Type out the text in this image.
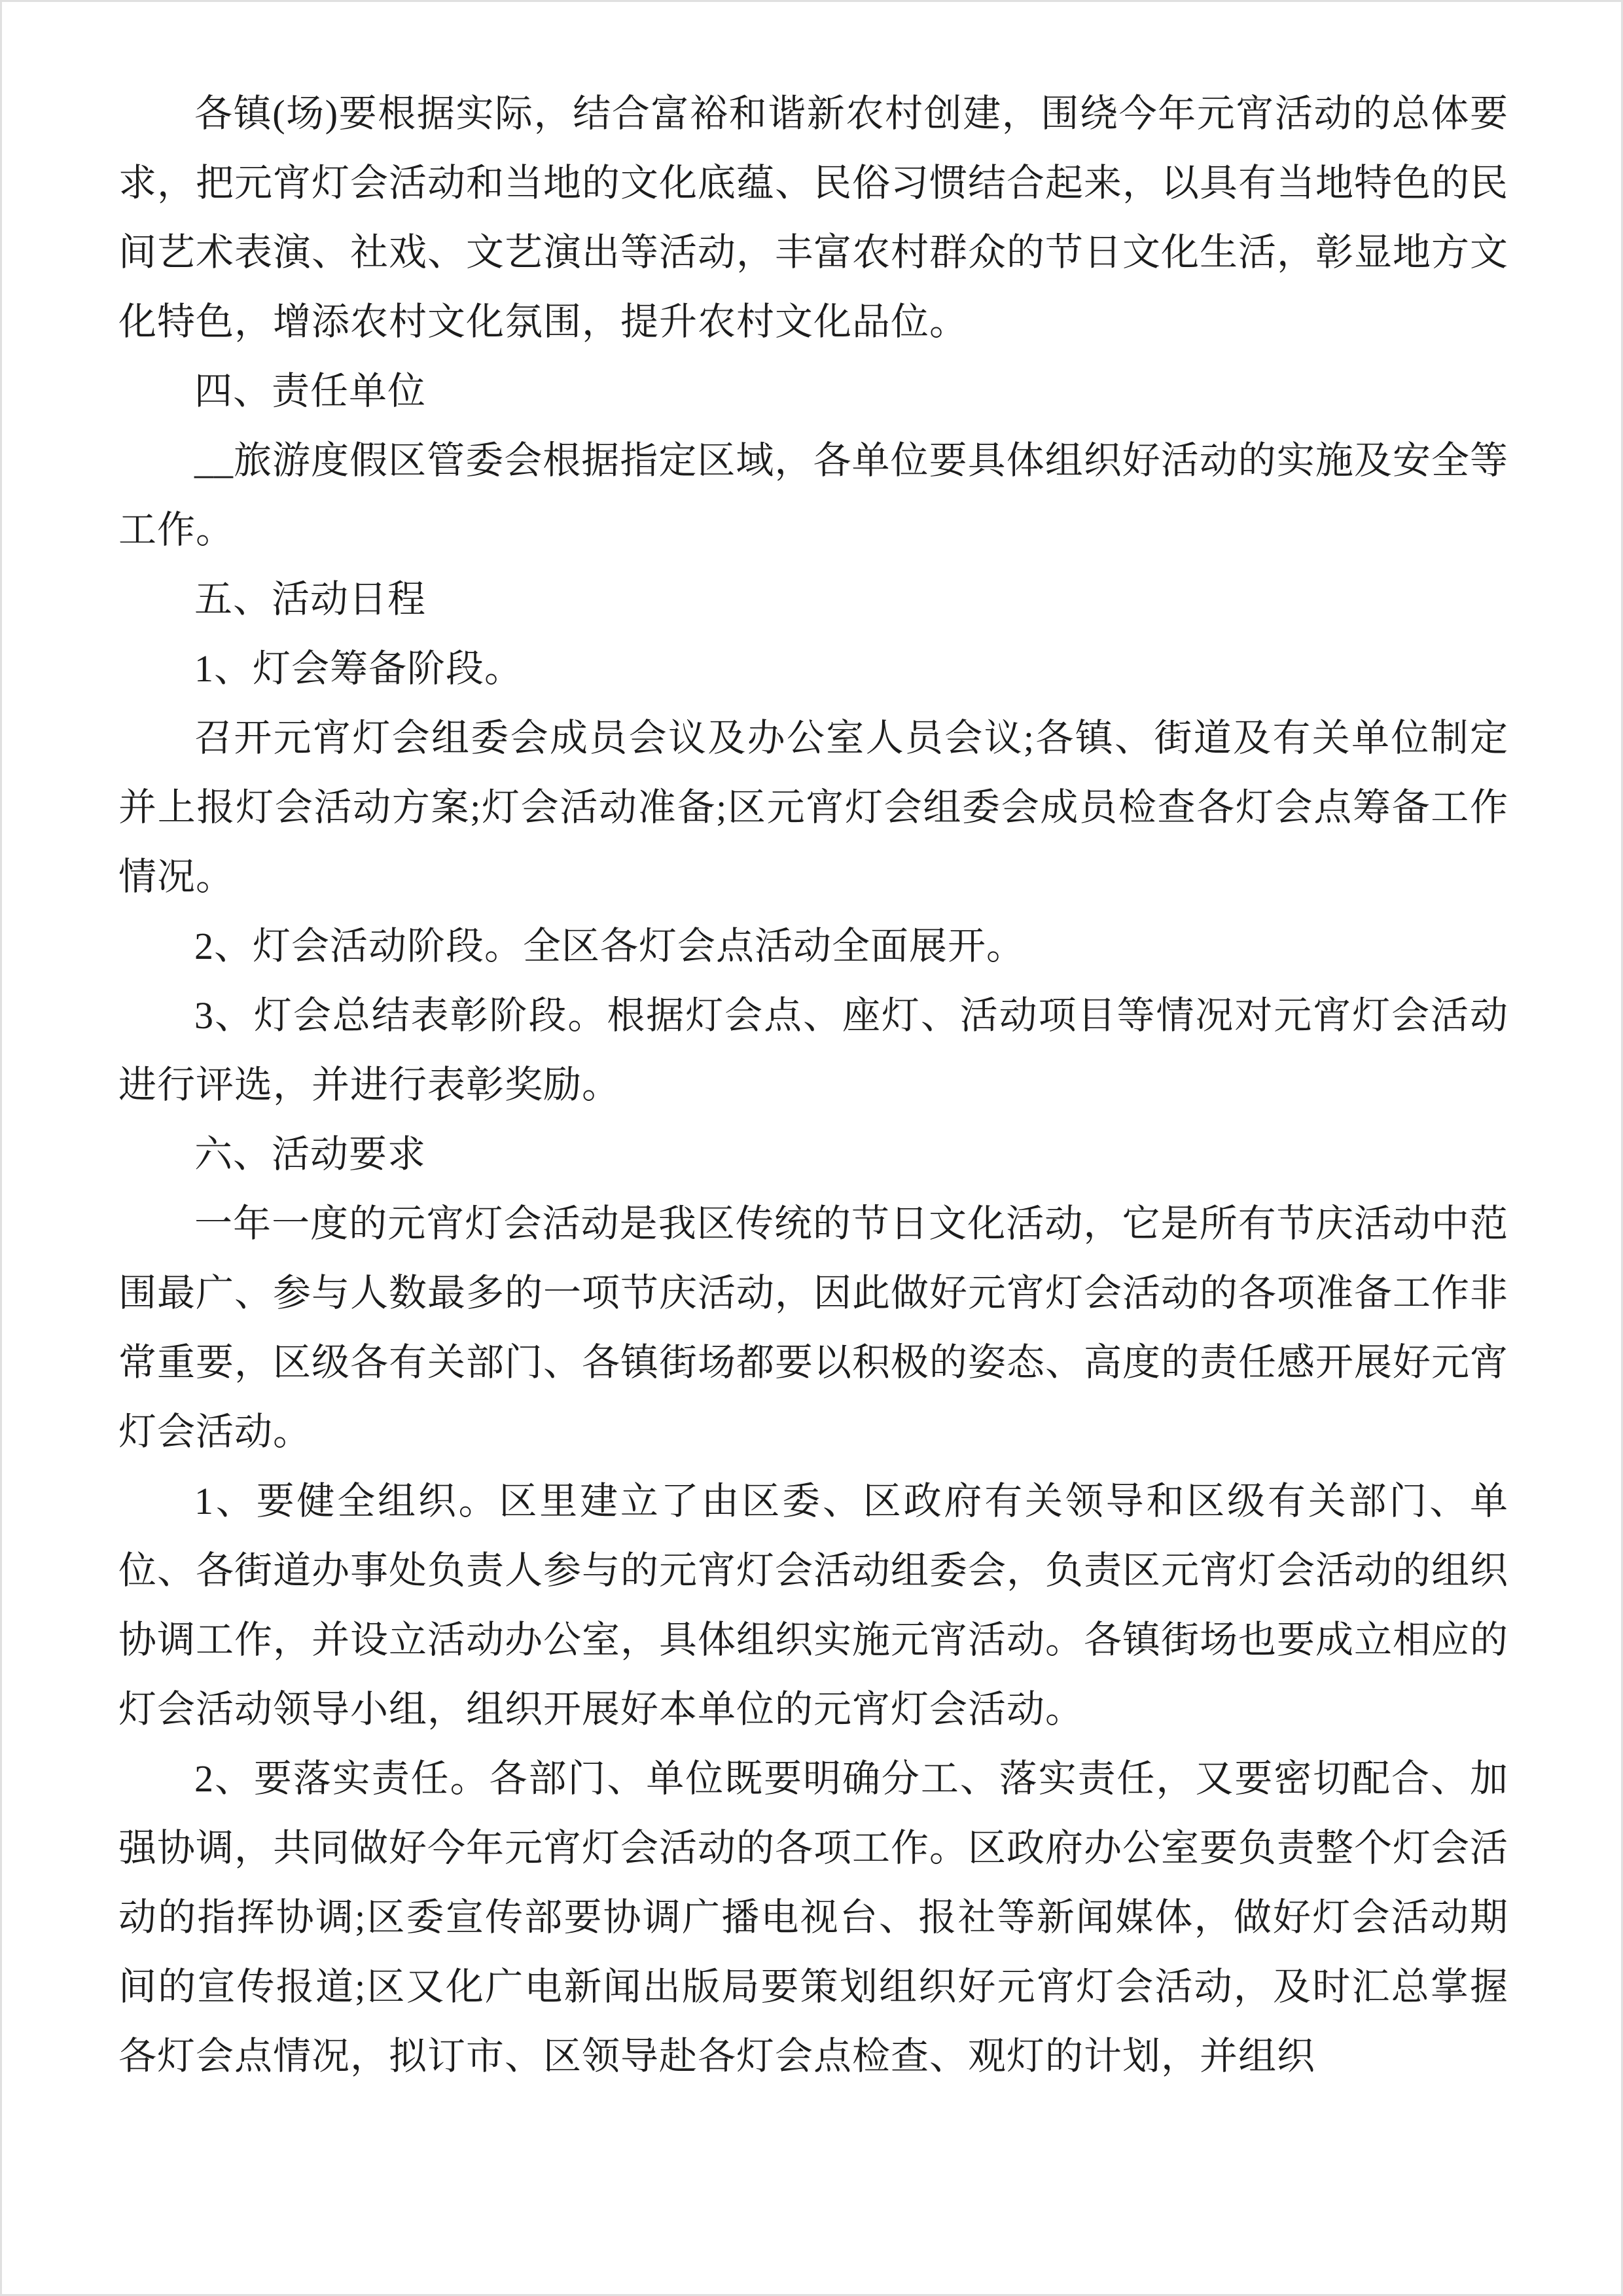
各镇(场)要根据实际，结合富裕和谐新农村创建，围绕今年元宵活动的总体要求，把元宵灯会活动和当地的文化底蕴、民俗习惯结合起来，以具有当地特色的民间艺术表演、社戏、文艺演出等活动，丰富农村群众的节日文化生活，彰显地方文化特色，增添农村文化氛围，提升农村文化品位。

四、责任单位

__旅游度假区管委会根据指定区域，各单位要具体组织好活动的实施及安全等工作。

五、活动日程

1、灯会筹备阶段。

召开元宵灯会组委会成员会议及办公室人员会议;各镇、街道及有关单位制定并上报灯会活动方案;灯会活动准备;区元宵灯会组委会成员检查各灯会点筹备工作情况。

2、灯会活动阶段。全区各灯会点活动全面展开。

3、灯会总结表彰阶段。根据灯会点、座灯、活动项目等情况对元宵灯会活动进行评选，并进行表彰奖励。

六、活动要求

一年一度的元宵灯会活动是我区传统的节日文化活动，它是所有节庆活动中范围最广、参与人数最多的一项节庆活动，因此做好元宵灯会活动的各项准备工作非常重要，区级各有关部门、各镇街场都要以积极的姿态、高度的责任感开展好元宵灯会活动。

1、要健全组织。区里建立了由区委、区政府有关领导和区级有关部门、单位、各街道办事处负责人参与的元宵灯会活动组委会，负责区元宵灯会活动的组织协调工作，并设立活动办公室，具体组织实施元宵活动。各镇街场也要成立相应的灯会活动领导小组，组织开展好本单位的元宵灯会活动。

2、要落实责任。各部门、单位既要明确分工、落实责任，又要密切配合、加强协调，共同做好今年元宵灯会活动的各项工作。区政府办公室要负责整个灯会活动的指挥协调;区委宣传部要协调广播电视台、报社等新闻媒体，做好灯会活动期间的宣传报道;区又化广电新闻出版局要策划组织好元宵灯会活动，及时汇总掌握各灯会点情况，拟订市、区领导赴各灯会点检查、观灯的计划，并组织
